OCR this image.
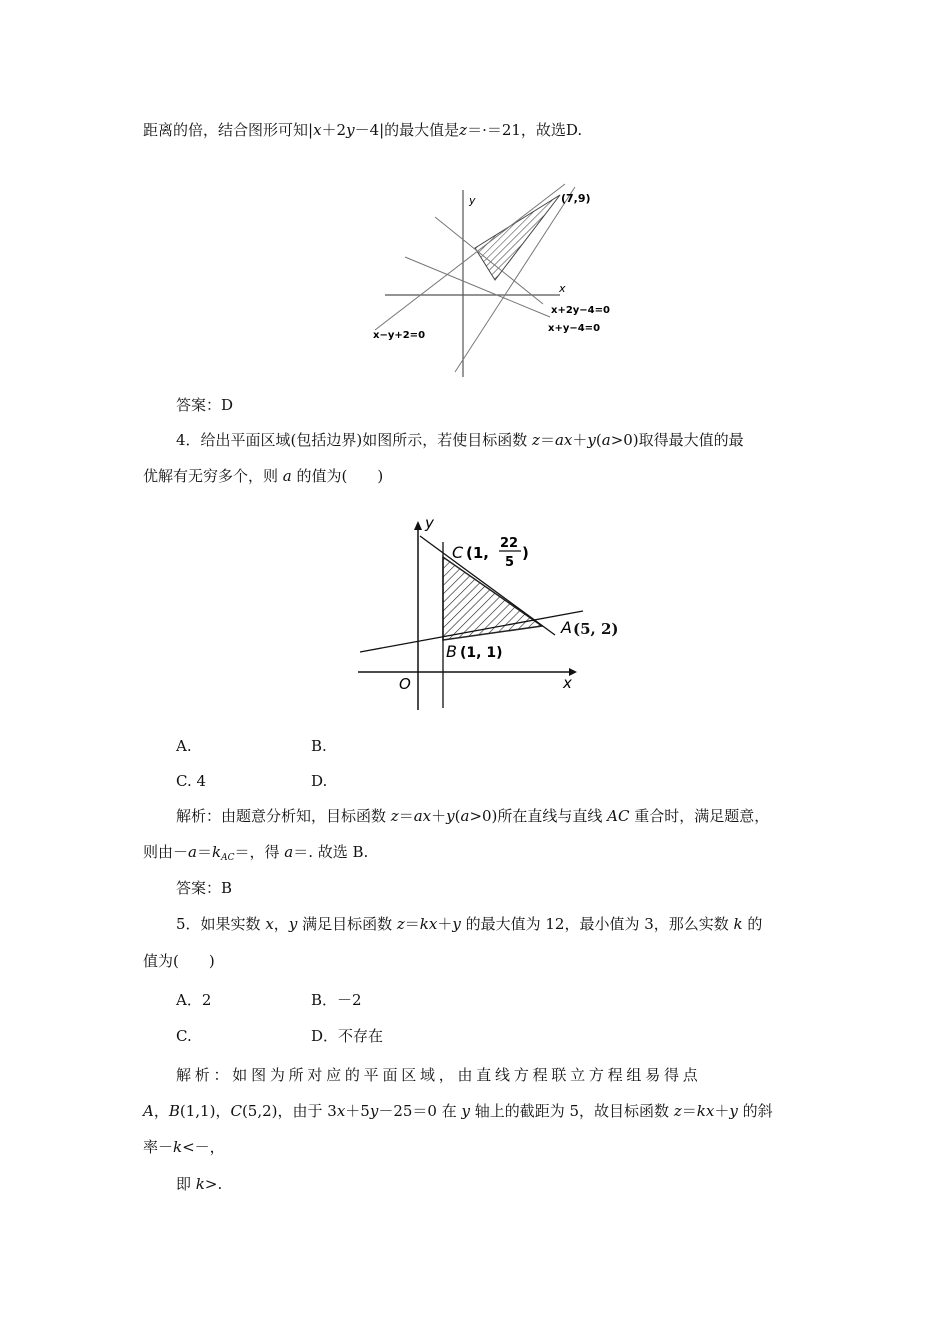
距离的倍，结合图形可知|x＋2y－4|的最大值是z＝·＝21，故选D.
y
x
(7,9)
x+2y−4=0
x+y−4=0
x−y+2=0
答案：D
4．给出平面区域(包括边界)如图所示，若使目标函数 z＝ax＋y(a>0)取得最大值的最
优解有无穷多个，则 a 的值为(　　)
y
x
O
C (1,
22
5
)
A
B (1, 1)
(5, 2)
A.	B.
C. 4	D.
解析：由题意分析知，目标函数 z＝ax＋y(a>0)所在直线与直线 AC 重合时，满足题意，
则由$-a=k_{AC}=$，得 a＝. 故选 B.
答案：B
5．如果实数 x，y 满足目标函数 z＝kx＋y 的最大值为 12，最小值为 3，那么实数 k 的
值为(　　)
A．2	B．－2
C.	D．不存在
解 析 ： 如 图 为 所 对 应 的 平 面 区 域 ， 由 直 线 方 程 联 立 方 程 组 易 得 点
A，B(1,1)，C(5,2)，由于 3x＋5y－25＝0 在 y 轴上的截距为 5，故目标函数 z＝kx＋y 的斜
率－k<－，
即 k>.
